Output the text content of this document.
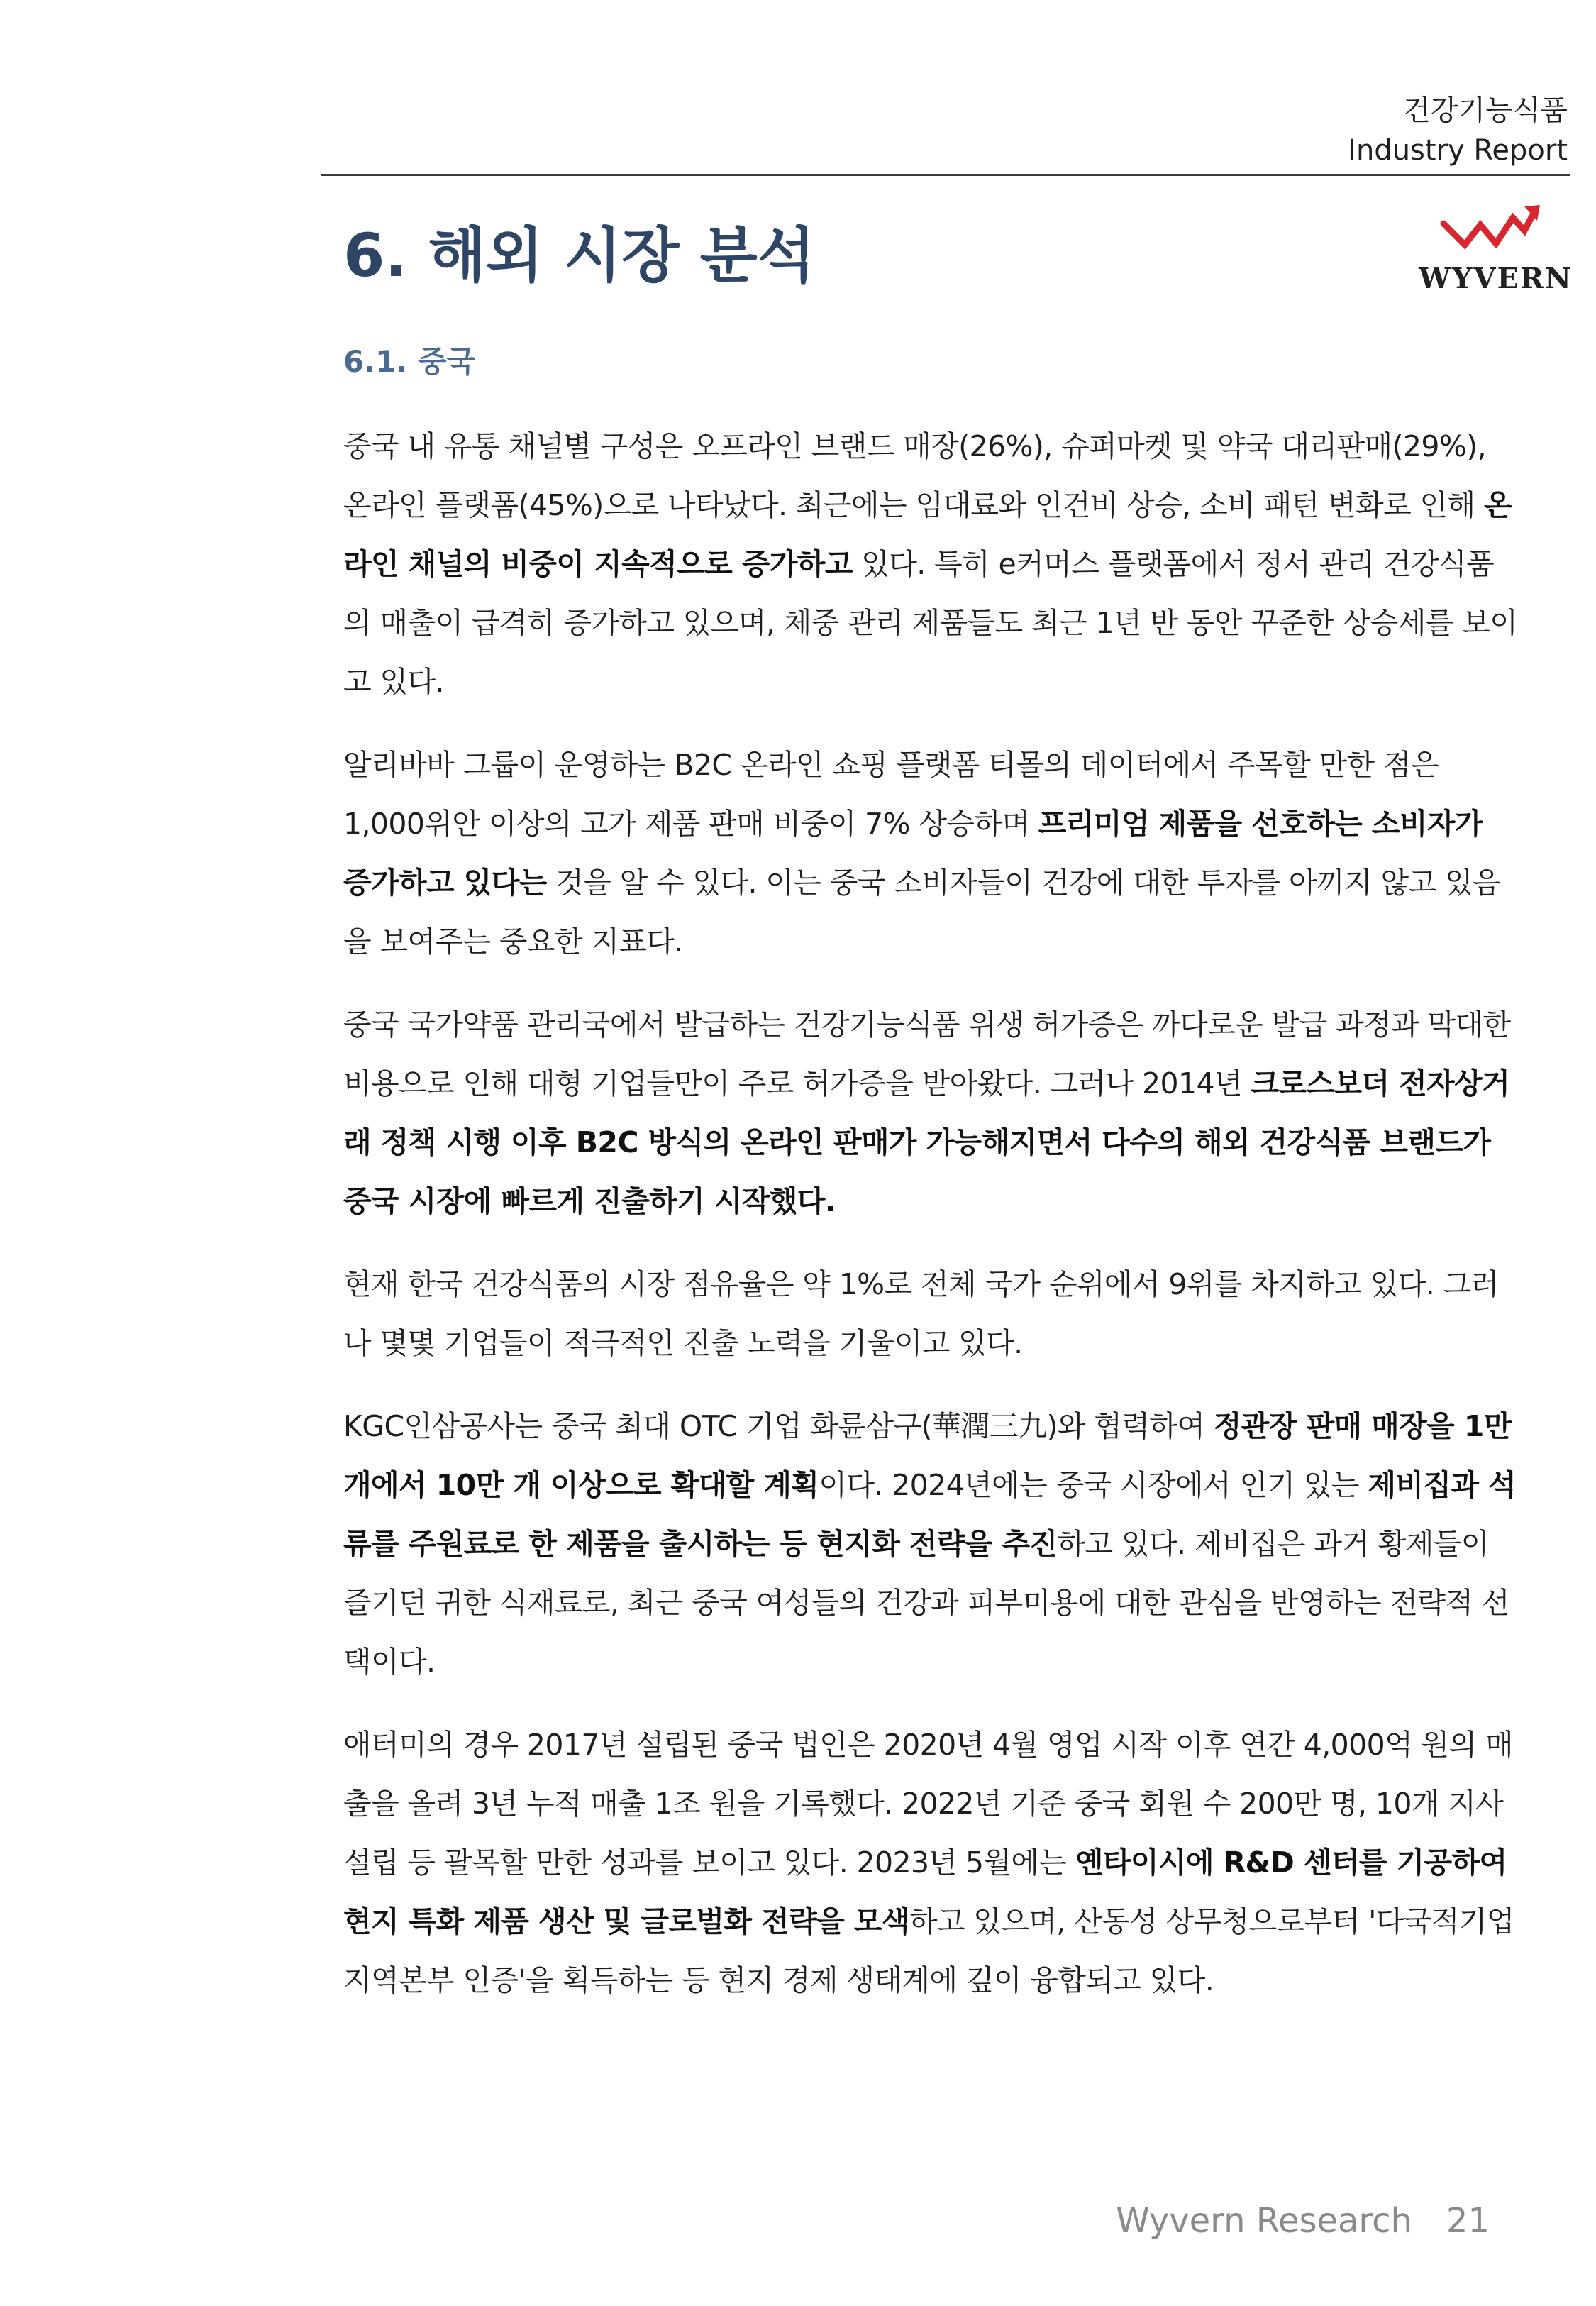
건강기능식품
Industry Report
WYVERN
6. 해외 시장 분석
6.1. 중국

중국 내 유통 채널별 구성은 오프라인 브랜드 매장(26%), 슈퍼마켓 및 약국 대리판매(29%), 온라인 플랫폼(45%)으로 나타났다. 최근에는 임대료와 인건비 상승, 소비 패턴 변화로 인해 온라인 채널의 비중이 지속적으로 증가하고 있다. 특히 e커머스 플랫폼에서 정서 관리 건강식품의 매출이 급격히 증가하고 있으며, 체중 관리 제품들도 최근 1년 반 동안 꾸준한 상승세를 보이고 있다.

알리바바 그룹이 운영하는 B2C 온라인 쇼핑 플랫폼 티몰의 데이터에서 주목할 만한 점은 1,000위안 이상의 고가 제품 판매 비중이 7% 상승하며 프리미엄 제품을 선호하는 소비자가 증가하고 있다는 것을 알 수 있다. 이는 중국 소비자들이 건강에 대한 투자를 아끼지 않고 있음을 보여주는 중요한 지표다.

중국 국가약품 관리국에서 발급하는 건강기능식품 위생 허가증은 까다로운 발급 과정과 막대한 비용으로 인해 대형 기업들만이 주로 허가증을 받아왔다. 그러나 2014년 크로스보더 전자상거래 정책 시행 이후 B2C 방식의 온라인 판매가 가능해지면서 다수의 해외 건강식품 브랜드가 중국 시장에 빠르게 진출하기 시작했다.

현재 한국 건강식품의 시장 점유율은 약 1%로 전체 국가 순위에서 9위를 차지하고 있다. 그러나 몇몇 기업들이 적극적인 진출 노력을 기울이고 있다.

KGC인삼공사는 중국 최대 OTC 기업 화륜삼구(華潤三九)와 협력하여 정관장 판매 매장을 1만 개에서 10만 개 이상으로 확대할 계획이다. 2024년에는 중국 시장에서 인기 있는 제비집과 석류를 주원료로 한 제품을 출시하는 등 현지화 전략을 추진하고 있다. 제비집은 과거 황제들이 즐기던 귀한 식재료로, 최근 중국 여성들의 건강과 피부미용에 대한 관심을 반영하는 전략적 선택이다.

애터미의 경우 2017년 설립된 중국 법인은 2020년 4월 영업 시작 이후 연간 4,000억 원의 매출을 올려 3년 누적 매출 1조 원을 기록했다. 2022년 기준 중국 회원 수 200만 명, 10개 지사 설립 등 괄목할 만한 성과를 보이고 있다. 2023년 5월에는 옌타이시에 R&D 센터를 기공하여 현지 특화 제품 생산 및 글로벌화 전략을 모색하고 있으며, 산동성 상무청으로부터 '다국적기업 지역본부 인증'을 획득하는 등 현지 경제 생태계에 깊이 융합되고 있다.

Wyvern Research 21
